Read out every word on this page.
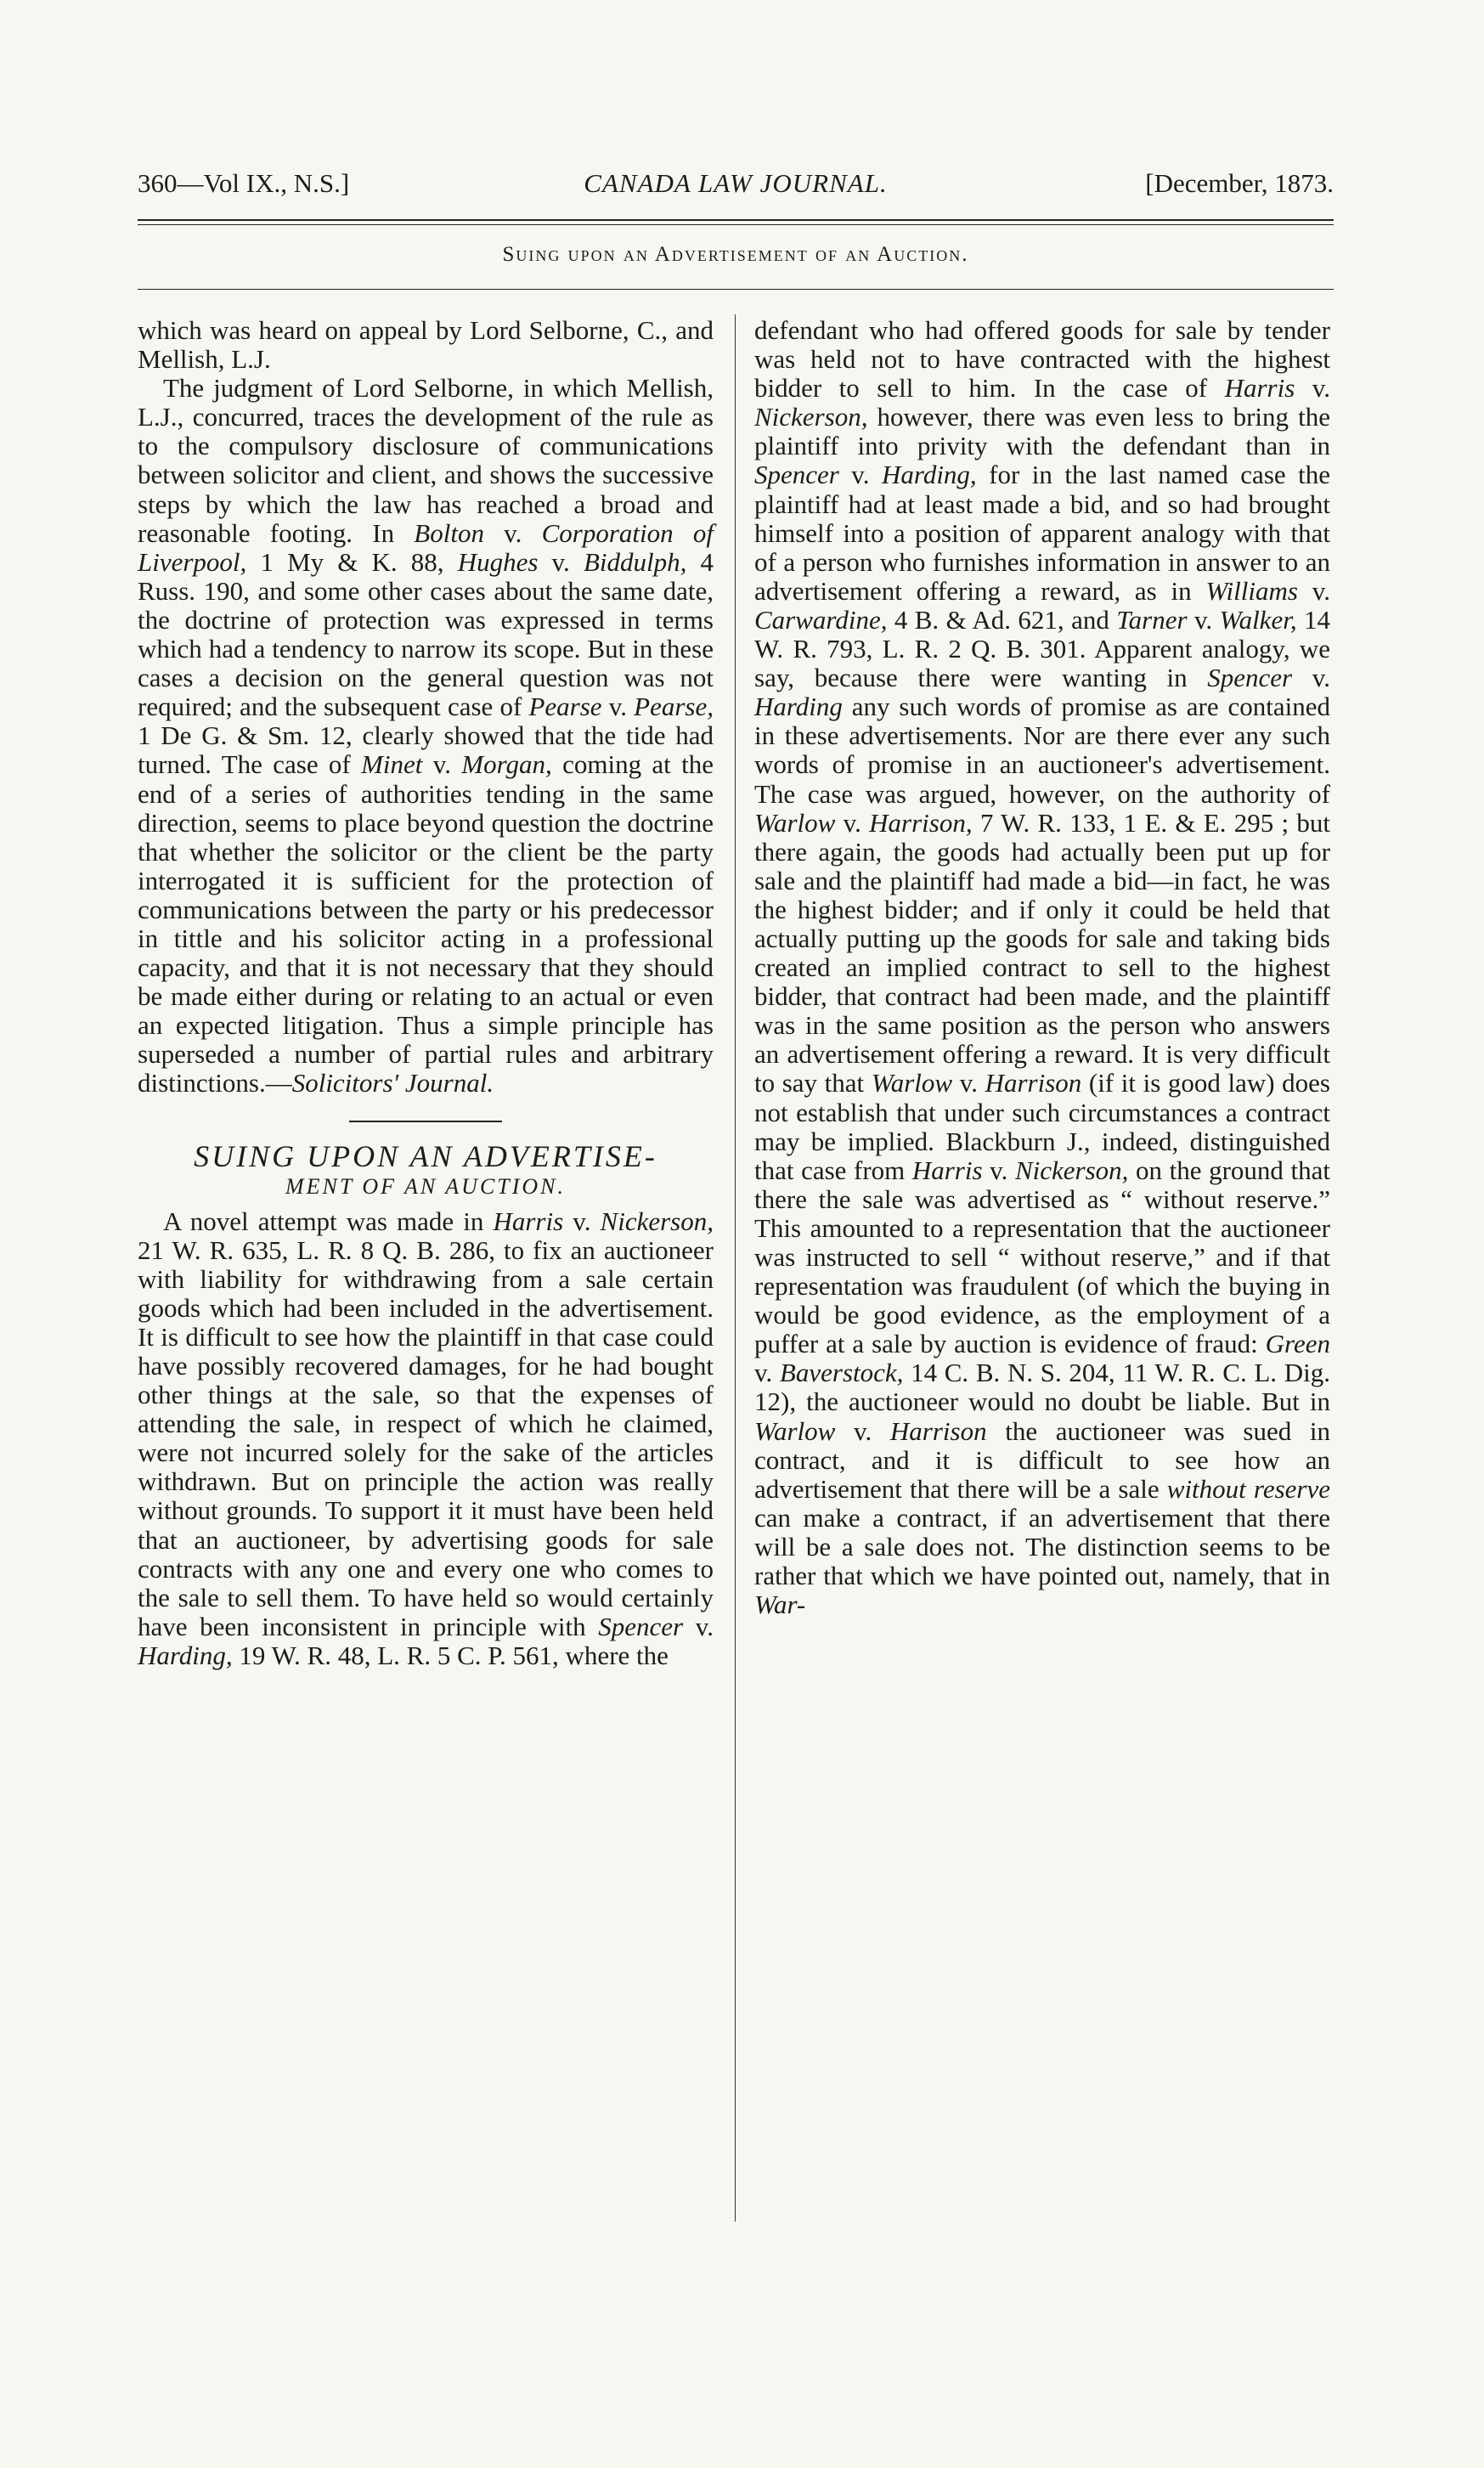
360—Vol IX., N.S.]	CANADA LAW JOURNAL.	[December, 1873.
Suing upon an Advertisement of an Auction.

which was heard on appeal by Lord Selborne, C., and Mellish, L.J.

The judgment of Lord Selborne, in which Mellish, L.J., concurred, traces the development of the rule as to the compulsory disclosure of communications between solicitor and client, and shows the successive steps by which the law has reached a broad and reasonable footing. In Bolton v. Corporation of Liverpool, 1 My & K. 88, Hughes v. Biddulph, 4 Russ. 190, and some other cases about the same date, the doctrine of protection was expressed in terms which had a tendency to narrow its scope. But in these cases a decision on the general question was not required; and the subsequent case of Pearse v. Pearse, 1 De G. & Sm. 12, clearly showed that the tide had turned. The case of Minet v. Morgan, coming at the end of a series of authorities tending in the same direction, seems to place beyond question the doctrine that whether the solicitor or the client be the party interrogated it is sufficient for the protection of communications between the party or his predecessor in tittle and his solicitor acting in a professional capacity, and that it is not necessary that they should be made either during or relating to an actual or even an expected litigation. Thus a simple principle has superseded a number of partial rules and arbitrary distinctions.—Solicitors' Journal.

SUING UPON AN ADVERTISE-
MENT OF AN AUCTION.

A novel attempt was made in Harris v. Nickerson, 21 W. R. 635, L. R. 8 Q. B. 286, to fix an auctioneer with liability for withdrawing from a sale certain goods which had been included in the advertisement. It is difficult to see how the plaintiff in that case could have possibly recovered damages, for he had bought other things at the sale, so that the expenses of attending the sale, in respect of which he claimed, were not incurred solely for the sake of the articles withdrawn. But on principle the action was really without grounds. To support it it must have been held that an auctioneer, by advertising goods for sale contracts with any one and every one who comes to the sale to sell them. To have held so would certainly have been inconsistent in principle with Spencer v. Harding, 19 W. R. 48, L. R. 5 C. P. 561, where the

defendant who had offered goods for sale by tender was held not to have contracted with the highest bidder to sell to him. In the case of Harris v. Nickerson, however, there was even less to bring the plaintiff into privity with the defendant than in Spencer v. Harding, for in the last named case the plaintiff had at least made a bid, and so had brought himself into a position of apparent analogy with that of a person who furnishes information in answer to an advertisement offering a reward, as in Williams v. Carwardine, 4 B. & Ad. 621, and Tarner v. Walker, 14 W. R. 793, L. R. 2 Q. B. 301. Apparent analogy, we say, because there were wanting in Spencer v. Harding any such words of promise as are contained in these advertisements. Nor are there ever any such words of promise in an auctioneer's advertisement. The case was argued, however, on the authority of Warlow v. Harrison, 7 W. R. 133, 1 E. & E. 295 ; but there again, the goods had actually been put up for sale and the plaintiff had made a bid—in fact, he was the highest bidder; and if only it could be held that actually putting up the goods for sale and taking bids created an implied contract to sell to the highest bidder, that contract had been made, and the plaintiff was in the same position as the person who answers an advertisement offering a reward. It is very difficult to say that Warlow v. Harrison (if it is good law) does not establish that under such circumstances a contract may be implied. Blackburn J., indeed, distinguished that case from Harris v. Nickerson, on the ground that there the sale was advertised as “ without reserve.” This amounted to a representation that the auctioneer was instructed to sell “ without reserve,” and if that representation was fraudulent (of which the buying in would be good evidence, as the employment of a puffer at a sale by auction is evidence of fraud: Green v. Baverstock, 14 C. B. N. S. 204, 11 W. R. C. L. Dig. 12), the auctioneer would no doubt be liable. But in Warlow v. Harrison the auctioneer was sued in contract, and it is difficult to see how an advertisement that there will be a sale without reserve can make a contract, if an advertisement that there will be a sale does not. The distinction seems to be rather that which we have pointed out, namely, that in War-
